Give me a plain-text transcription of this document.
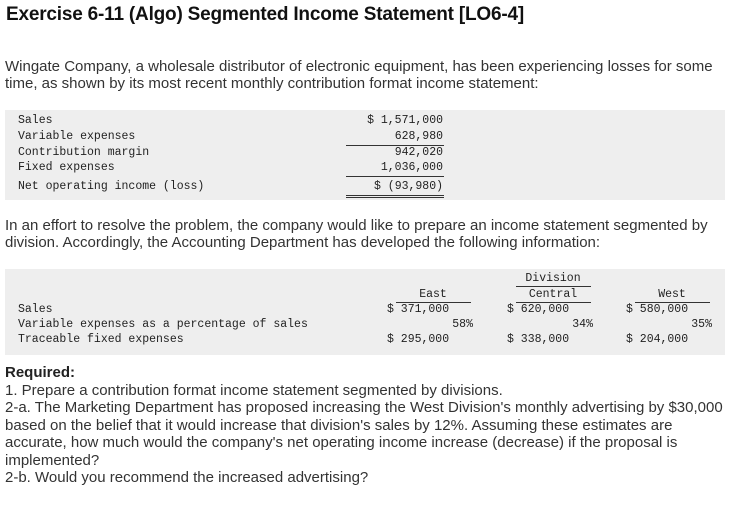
Exercise 6-11 (Algo) Segmented Income Statement [LO6-4]
Wingate Company, a wholesale distributor of electronic equipment, has been experiencing losses for some time, as shown by its most recent monthly contribution format income statement:
Sales	$ 1,571,000
Variable expenses	628,980
Contribution margin	942,020
Fixed expenses	1,036,000
Net operating income (loss)	$ (93,980)
In an effort to resolve the problem, the company would like to prepare an income statement segmented by division. Accordingly, the Accounting Department has developed the following information:
Division
East	Central	West
Sales	$ 371,000	$ 620,000	$ 580,000
Variable expenses as a percentage of sales	58%	34%	35%
Traceable fixed expenses	$ 295,000	$ 338,000	$ 204,000
Required:
1. Prepare a contribution format income statement segmented by divisions.
2-a. The Marketing Department has proposed increasing the West Division's monthly advertising by $30,000 based on the belief that it would increase that division's sales by 12%. Assuming these estimates are accurate, how much would the company's net operating income increase (decrease) if the proposal is implemented?
2-b. Would you recommend the increased advertising?
